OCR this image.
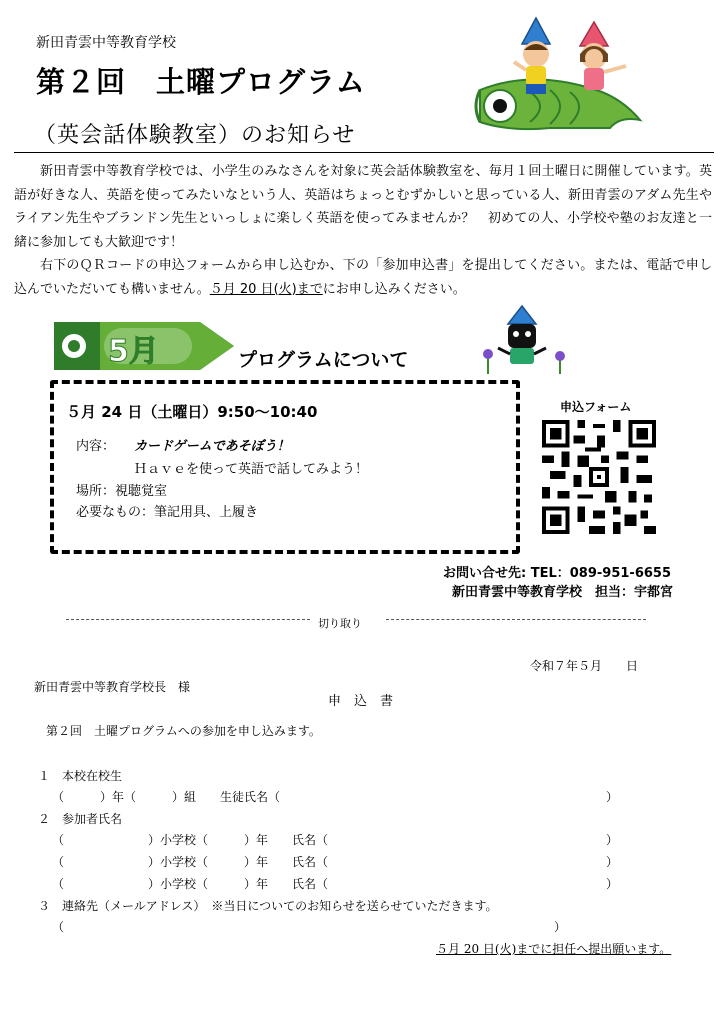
新田青雲中等教育学校
第２回　土曜プログラム
（英会話体験教室）のお知らせ

新田青雲中等教育学校では、小学生のみなさんを対象に英会話体験教室を、毎月１回土曜日に開催しています。英語が好きな人、英語を使ってみたいなという人、英語はちょっとむずかしいと思っている人、新田青雲のアダム先生やライアン先生やブランドン先生といっしょに楽しく英語を使ってみませんか？　初めての人、小学校や塾のお友達と一緒に参加しても大歓迎です！

右下のＱＲコードの申込フォームから申し込むか、下の「参加申込書」を提出してください。または、電話で申し込んでいただいても構いません。５月 20 日(火)までにお申し込みください。

5月	プログラムについて
５月 24 日（土曜日）9:50～10:40
内容： カードゲームであそぼう！
Ｈａｖｅを使って英語で話してみよう！
場所：視聴覚室
必要なもの：筆記用具、上履き
申込フォーム
お問い合せ先: TEL：089-951-6655
新田青雲中等教育学校　担当：宇都宮
切り取り
令和７年５月　　日
新田青雲中等教育学校長　様
申　込　書
第２回　土曜プログラムへの参加を申し込みます。
１　本校在校生
（　　　）年（　　　）組　　生徒氏名（	）
２　参加者氏名
（　　　　　　　）小学校（　　　）年　　氏名（	）
（　　　　　　　）小学校（　　　）年　　氏名（	）
（　　　　　　　）小学校（　　　）年　　氏名（	）
３　連絡先（メールアドレス）　※当日についてのお知らせを送らせていただきます。
（	）
５月 20 日(火)までに担任へ提出願います。
